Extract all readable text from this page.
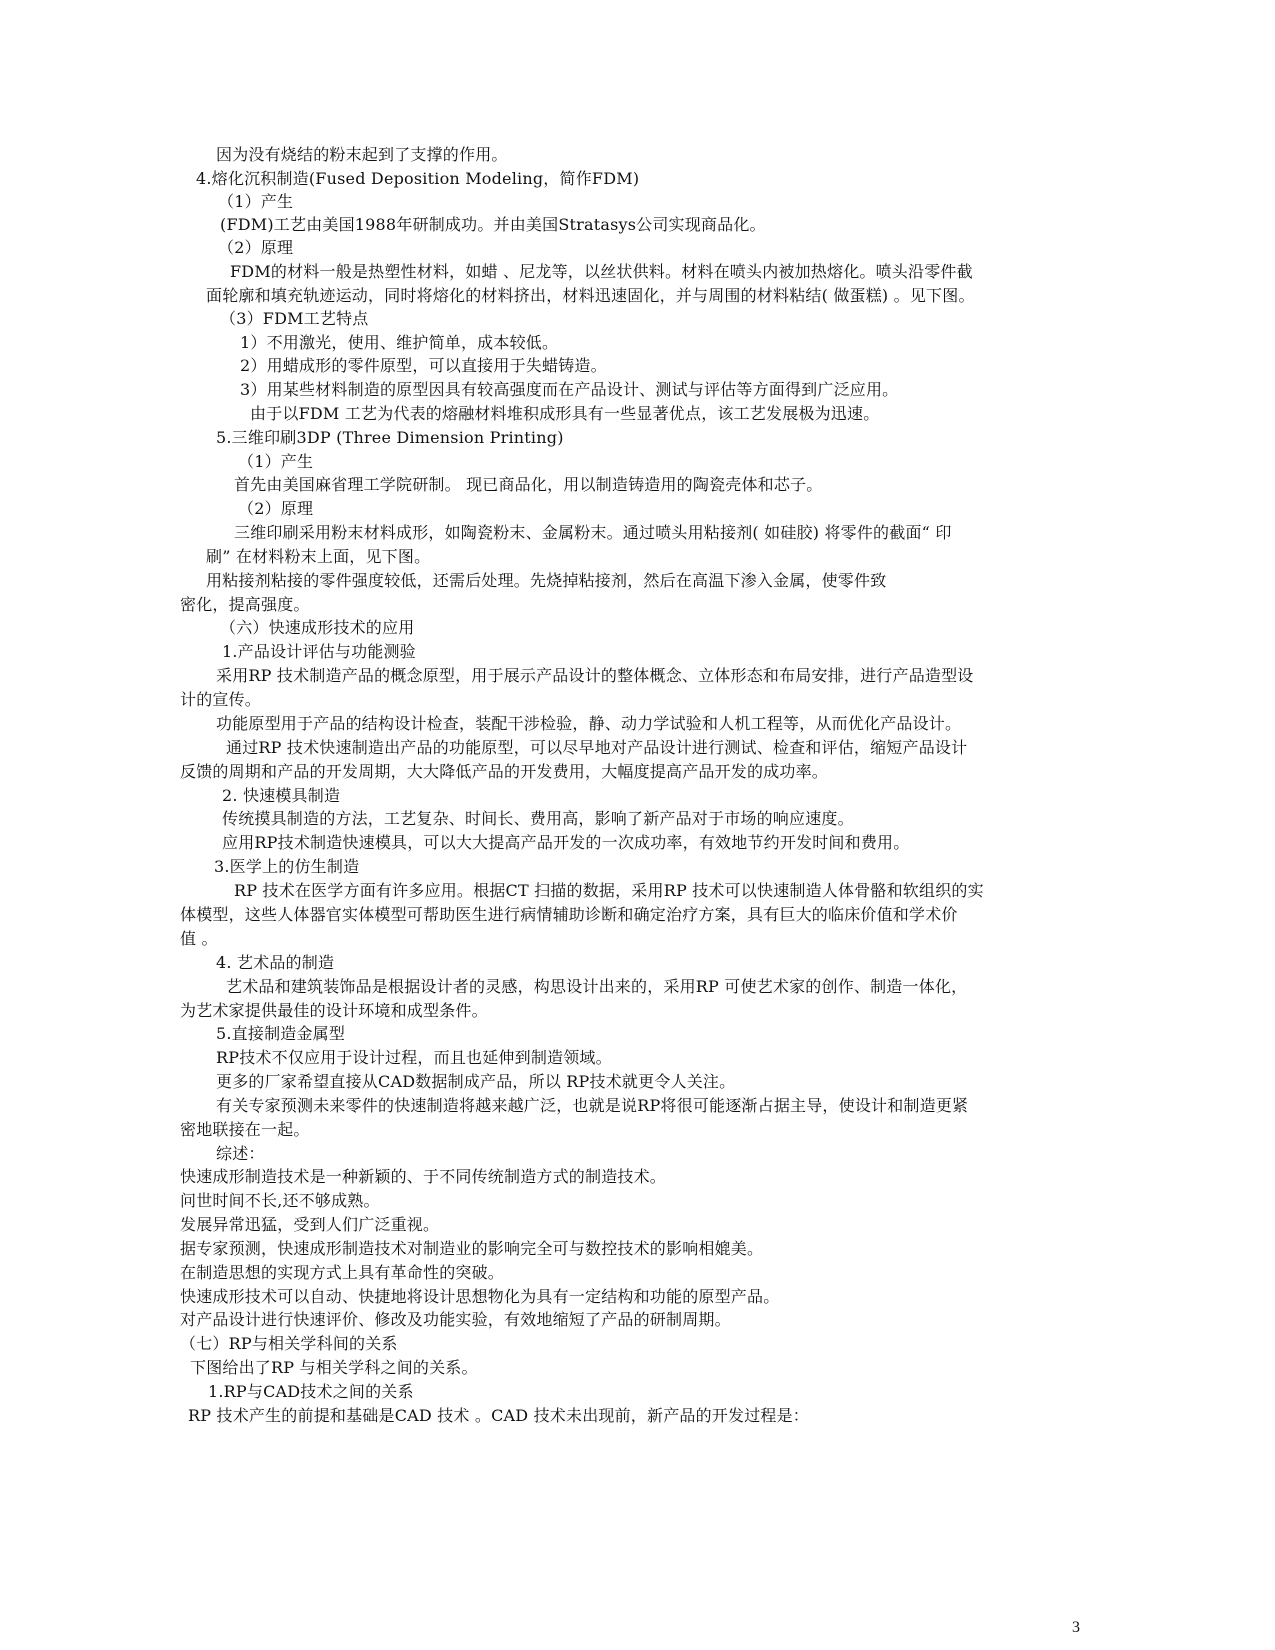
因为没有烧结的粉末起到了支撑的作用。
4.熔化沉积制造(Fused Deposition Modeling，简作FDM)
（1）产生
(FDM)工艺由美国1988年研制成功。并由美国Stratasys公司实现商品化。
（2）原理
FDM的材料一般是热塑性材料，如蜡 、尼龙等，以丝状供料。材料在喷头内被加热熔化。喷头沿零件截
面轮廓和填充轨迹运动，同时将熔化的材料挤出，材料迅速固化，并与周围的材料粘结( 做蛋糕) 。见下图。
（3）FDM工艺特点
1）不用激光，使用、维护简单，成本较低。
2）用蜡成形的零件原型，可以直接用于失蜡铸造。
3）用某些材料制造的原型因具有较高强度而在产品设计、测试与评估等方面得到广泛应用。
由于以FDM 工艺为代表的熔融材料堆积成形具有一些显著优点，该工艺发展极为迅速。
5.三维印刷3DP (Three Dimension Printing)
（1）产生
首先由美国麻省理工学院研制。 现已商品化，用以制造铸造用的陶瓷壳体和芯子。
（2）原理
三维印刷采用粉末材料成形，如陶瓷粉末、金属粉末。通过喷头用粘接剂( 如硅胶) 将零件的截面“ 印
刷” 在材料粉末上面，见下图。
用粘接剂粘接的零件强度较低，还需后处理。先烧掉粘接剂，然后在高温下渗入金属，使零件致
密化，提高强度。
（六）快速成形技术的应用
1.产品设计评估与功能测验
采用RP 技术制造产品的概念原型，用于展示产品设计的整体概念、立体形态和布局安排，进行产品造型设
计的宣传。
功能原型用于产品的结构设计检查，装配干涉检验，静、动力学试验和人机工程等，从而优化产品设计。
通过RP 技术快速制造出产品的功能原型，可以尽早地对产品设计进行测试、检查和评估，缩短产品设计
反馈的周期和产品的开发周期，大大降低产品的开发费用，大幅度提高产品开发的成功率。
2. 快速模具制造
传统摸具制造的方法，工艺复杂、时间长、费用高，影响了新产品对于市场的响应速度。
应用RP技术制造快速模具，可以大大提高产品开发的一次成功率，有效地节约开发时间和费用。
3.医学上的仿生制造
RP 技术在医学方面有许多应用。根据CT 扫描的数据，采用RP 技术可以快速制造人体骨骼和软组织的实
体模型，这些人体器官实体模型可帮助医生进行病情辅助诊断和确定治疗方案，具有巨大的临床价值和学术价
值 。
4. 艺术品的制造
艺术品和建筑装饰品是根据设计者的灵感，构思设计出来的，采用RP 可使艺术家的创作、制造一体化，
为艺术家提供最佳的设计环境和成型条件。
5.直接制造金属型
RP技术不仅应用于设计过程，而且也延伸到制造领域。
更多的厂家希望直接从CAD数据制成产品，所以 RP技术就更令人关注。
有关专家预测未来零件的快速制造将越来越广泛，也就是说RP将很可能逐渐占据主导，使设计和制造更紧
密地联接在一起。
综述：
快速成形制造技术是一种新颖的、于不同传统制造方式的制造技术。
问世时间不长,还不够成熟。
发展异常迅猛，受到人们广泛重视。
据专家预测，快速成形制造技术对制造业的影响完全可与数控技术的影响相媲美。
在制造思想的实现方式上具有革命性的突破。
快速成形技术可以自动、快捷地将设计思想物化为具有一定结构和功能的原型产品。
对产品设计进行快速评价、修改及功能实验，有效地缩短了产品的研制周期。
（七）RP与相关学科间的关系
下图给出了RP 与相关学科之间的关系。
1.RP与CAD技术之间的关系
RP 技术产生的前提和基础是CAD 技术 。CAD 技术未出现前，新产品的开发过程是：
3
